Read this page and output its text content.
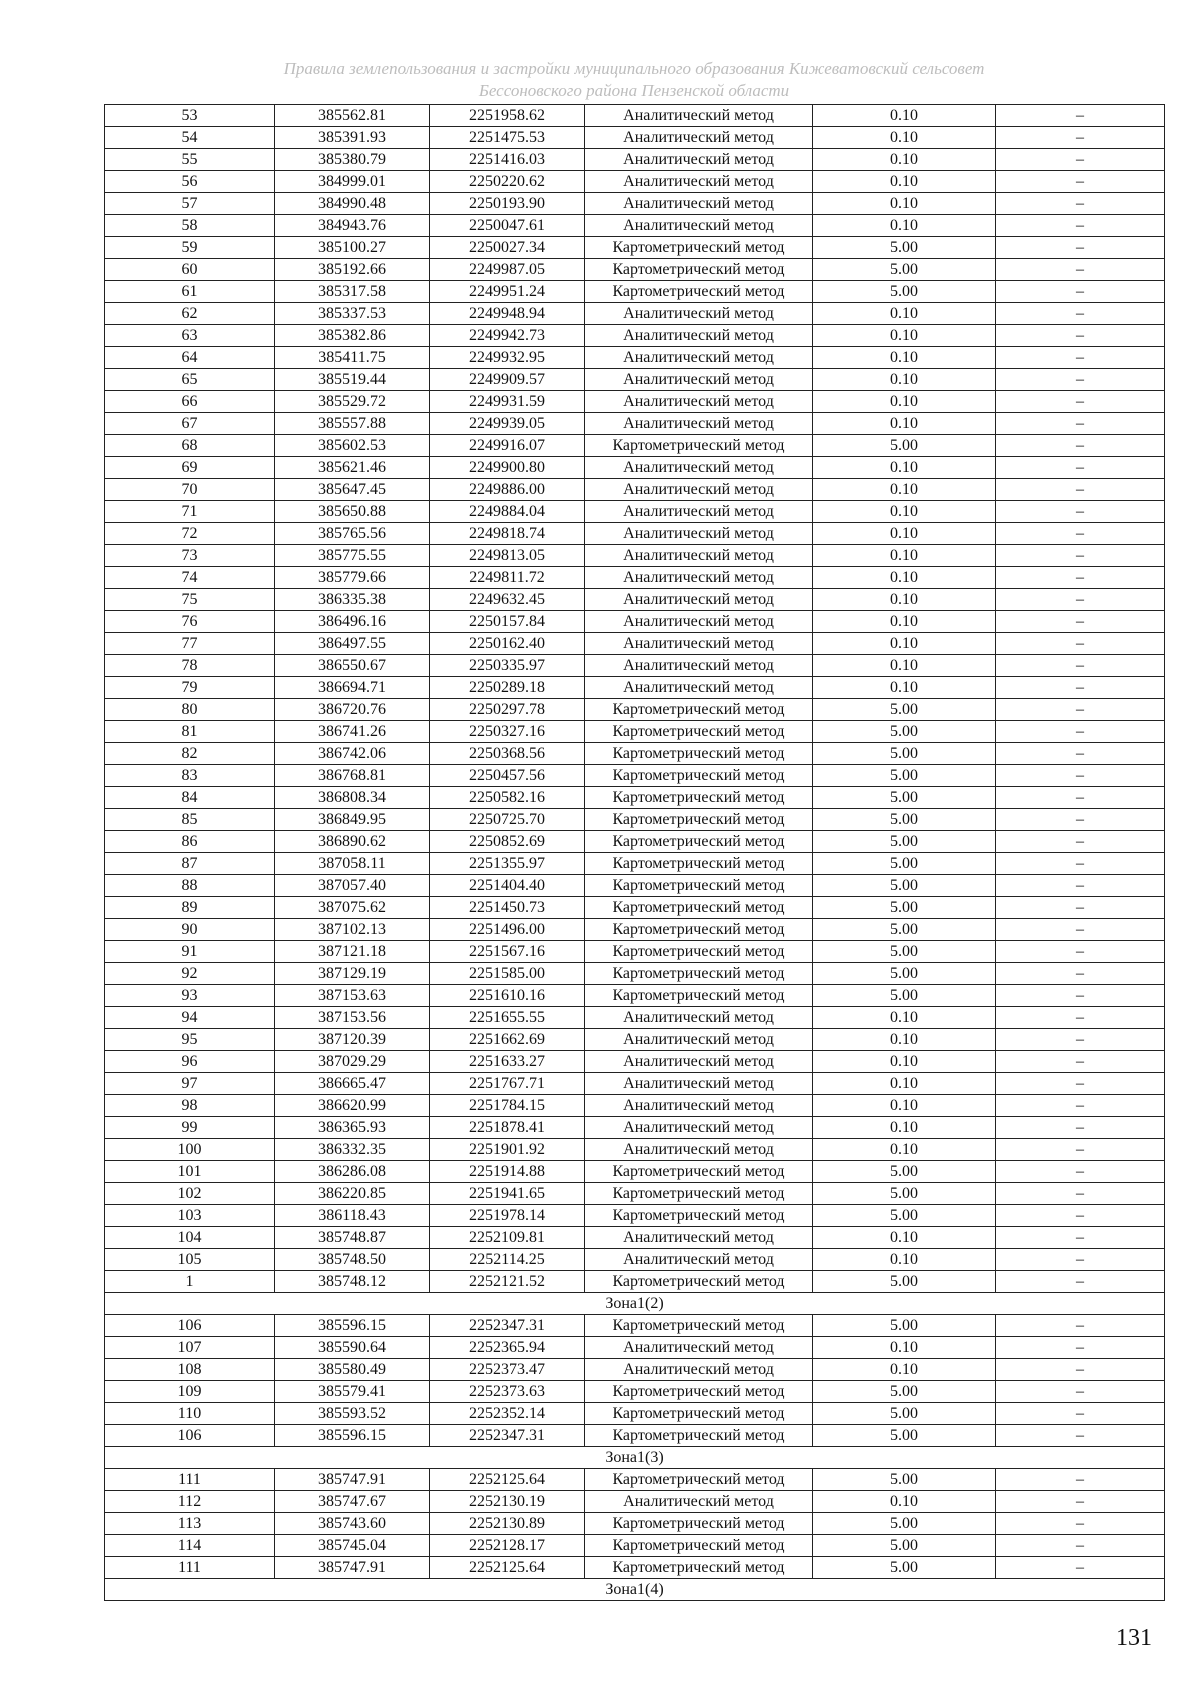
Правила землепользования и застройки муниципального образования Кижеватовский сельсовет
Бессоновского района Пензенской области
53	385562.81	2251958.62	Аналитический метод	0.10	–
54	385391.93	2251475.53	Аналитический метод	0.10	–
55	385380.79	2251416.03	Аналитический метод	0.10	–
56	384999.01	2250220.62	Аналитический метод	0.10	–
57	384990.48	2250193.90	Аналитический метод	0.10	–
58	384943.76	2250047.61	Аналитический метод	0.10	–
59	385100.27	2250027.34	Картометрический метод	5.00	–
60	385192.66	2249987.05	Картометрический метод	5.00	–
61	385317.58	2249951.24	Картометрический метод	5.00	–
62	385337.53	2249948.94	Аналитический метод	0.10	–
63	385382.86	2249942.73	Аналитический метод	0.10	–
64	385411.75	2249932.95	Аналитический метод	0.10	–
65	385519.44	2249909.57	Аналитический метод	0.10	–
66	385529.72	2249931.59	Аналитический метод	0.10	–
67	385557.88	2249939.05	Аналитический метод	0.10	–
68	385602.53	2249916.07	Картометрический метод	5.00	–
69	385621.46	2249900.80	Аналитический метод	0.10	–
70	385647.45	2249886.00	Аналитический метод	0.10	–
71	385650.88	2249884.04	Аналитический метод	0.10	–
72	385765.56	2249818.74	Аналитический метод	0.10	–
73	385775.55	2249813.05	Аналитический метод	0.10	–
74	385779.66	2249811.72	Аналитический метод	0.10	–
75	386335.38	2249632.45	Аналитический метод	0.10	–
76	386496.16	2250157.84	Аналитический метод	0.10	–
77	386497.55	2250162.40	Аналитический метод	0.10	–
78	386550.67	2250335.97	Аналитический метод	0.10	–
79	386694.71	2250289.18	Аналитический метод	0.10	–
80	386720.76	2250297.78	Картометрический метод	5.00	–
81	386741.26	2250327.16	Картометрический метод	5.00	–
82	386742.06	2250368.56	Картометрический метод	5.00	–
83	386768.81	2250457.56	Картометрический метод	5.00	–
84	386808.34	2250582.16	Картометрический метод	5.00	–
85	386849.95	2250725.70	Картометрический метод	5.00	–
86	386890.62	2250852.69	Картометрический метод	5.00	–
87	387058.11	2251355.97	Картометрический метод	5.00	–
88	387057.40	2251404.40	Картометрический метод	5.00	–
89	387075.62	2251450.73	Картометрический метод	5.00	–
90	387102.13	2251496.00	Картометрический метод	5.00	–
91	387121.18	2251567.16	Картометрический метод	5.00	–
92	387129.19	2251585.00	Картометрический метод	5.00	–
93	387153.63	2251610.16	Картометрический метод	5.00	–
94	387153.56	2251655.55	Аналитический метод	0.10	–
95	387120.39	2251662.69	Аналитический метод	0.10	–
96	387029.29	2251633.27	Аналитический метод	0.10	–
97	386665.47	2251767.71	Аналитический метод	0.10	–
98	386620.99	2251784.15	Аналитический метод	0.10	–
99	386365.93	2251878.41	Аналитический метод	0.10	–
100	386332.35	2251901.92	Аналитический метод	0.10	–
101	386286.08	2251914.88	Картометрический метод	5.00	–
102	386220.85	2251941.65	Картометрический метод	5.00	–
103	386118.43	2251978.14	Картометрический метод	5.00	–
104	385748.87	2252109.81	Аналитический метод	0.10	–
105	385748.50	2252114.25	Аналитический метод	0.10	–
1	385748.12	2252121.52	Картометрический метод	5.00	–
Зона1(2)					
106	385596.15	2252347.31	Картометрический метод	5.00	–
107	385590.64	2252365.94	Аналитический метод	0.10	–
108	385580.49	2252373.47	Аналитический метод	0.10	–
109	385579.41	2252373.63	Картометрический метод	5.00	–
110	385593.52	2252352.14	Картометрический метод	5.00	–
106	385596.15	2252347.31	Картометрический метод	5.00	–
Зона1(3)					
111	385747.91	2252125.64	Картометрический метод	5.00	–
112	385747.67	2252130.19	Аналитический метод	0.10	–
113	385743.60	2252130.89	Картометрический метод	5.00	–
114	385745.04	2252128.17	Картометрический метод	5.00	–
111	385747.91	2252125.64	Картометрический метод	5.00	–
Зона1(4)					
131
